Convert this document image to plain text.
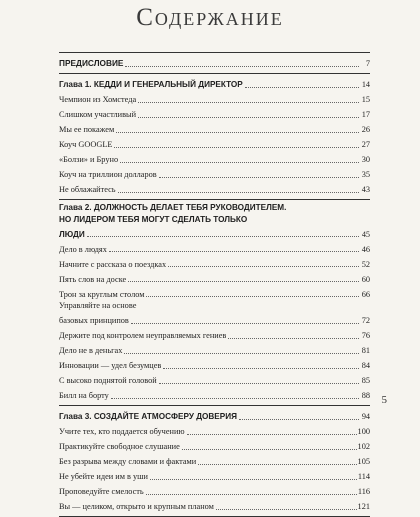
Содержание
ПРЕДИСЛОВИЕ	7
Глава 1. КЕДДИ И ГЕНЕРАЛЬНЫЙ ДИРЕКТОР	14
Чемпион из Хомстеда	15
Слишком участливый	17
Мы ее покажем	26
Коуч GOOGLE	27
«Болзи» и Бруно	30
Коуч на триллион долларов	35
Не облажайтесь	43
Глава 2. ДОЛЖНОСТЬ ДЕЛАЕТ ТЕБЯ РУКОВОДИТЕЛЕМ.
НО ЛИДЕРОМ ТЕБЯ МОГУТ СДЕЛАТЬ ТОЛЬКО
ЛЮДИ	45
Дело в людях	46
Начните с рассказа о поездках	52
Пять слов на доске	60
Трон за круглым столом	66
Управляйте на основе
базовых принципов	72
Держите под контролем неуправляемых гениев	76
Дело не в деньгах	81
Инновации — удел безумцев	84
С высоко поднятой головой	85
Билл на борту	88
Глава 3. СОЗДАЙТЕ АТМОСФЕРУ ДОВЕРИЯ	94
Учите тех, кто поддается обучению	100
Практикуйте свободное слушание	102
Без разрыва между словами и фактами	105
Не убейте идеи им в уши	114
Проповедуйте смелость	116
Вы — целиком, открыто и крупным планом	121
5
